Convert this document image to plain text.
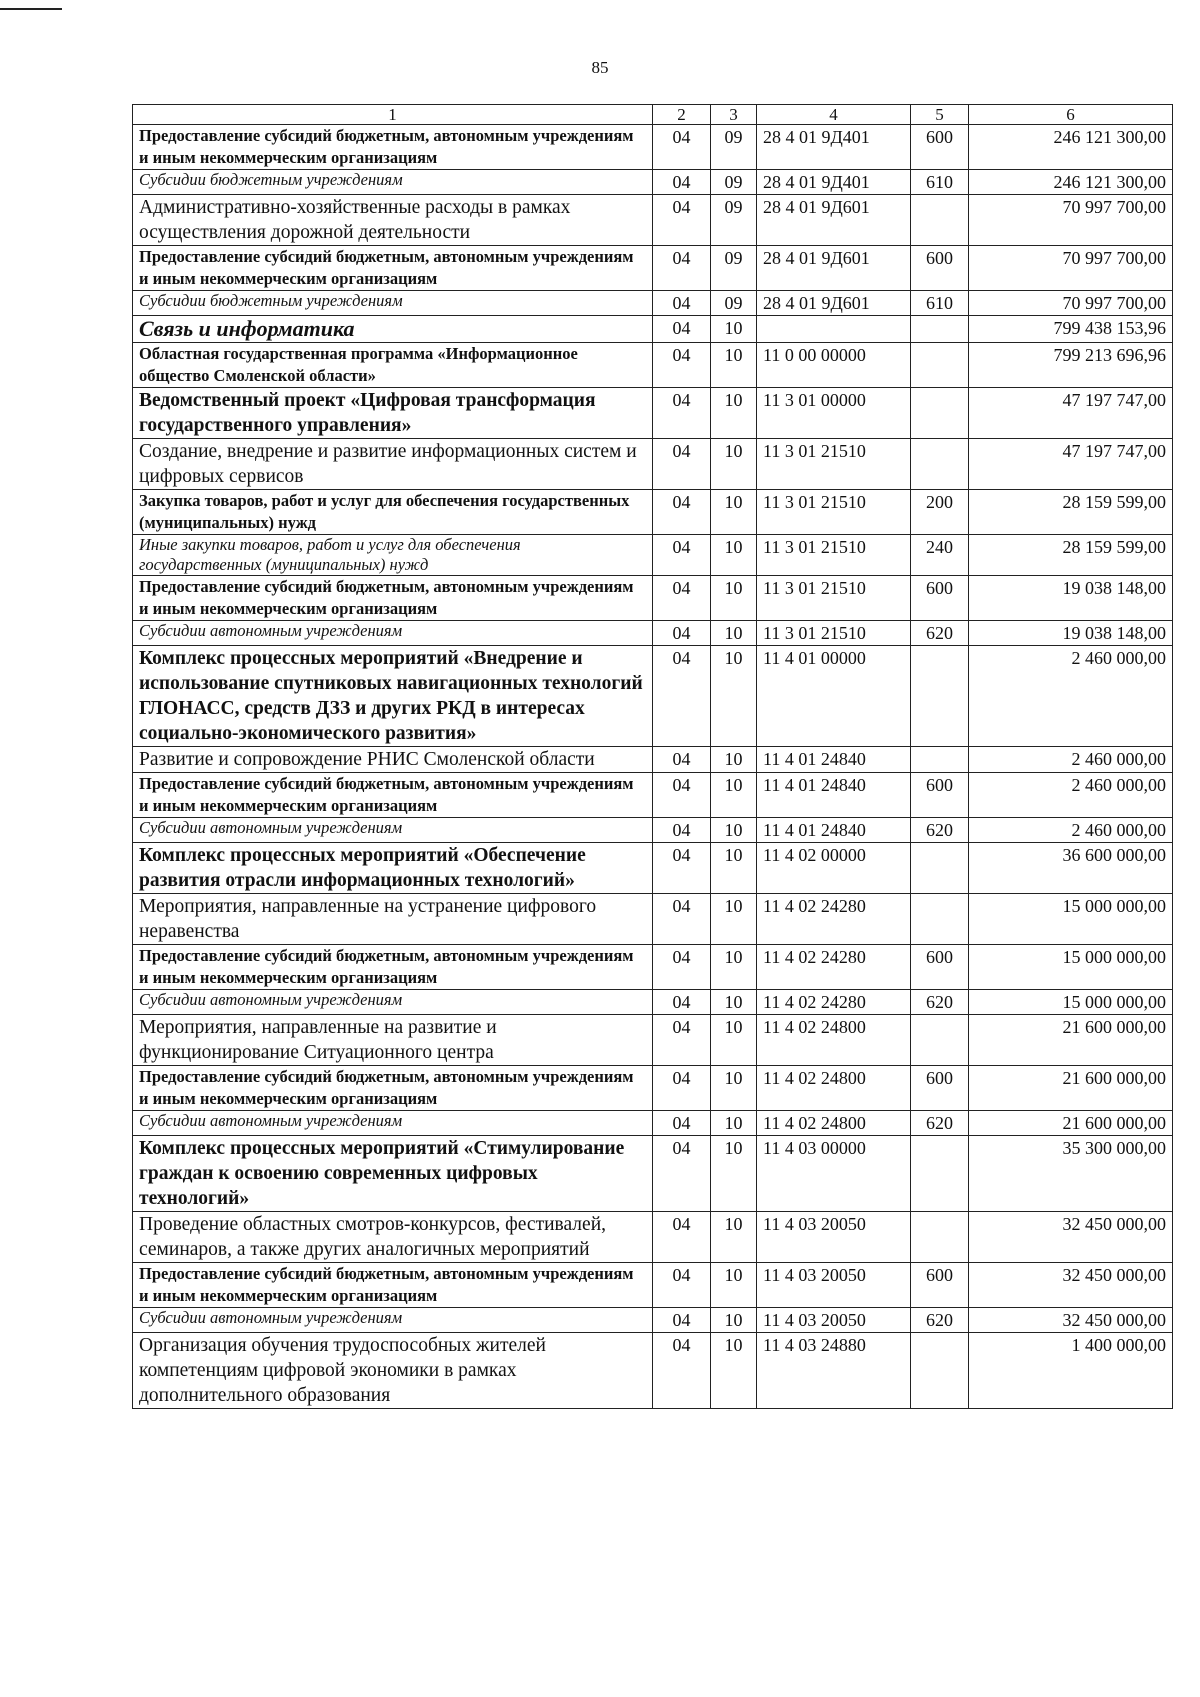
85
1	2	3	4	5	6
Предоставление субсидий бюджетным, автономным учреждениям и иным некоммерческим организациям	04	09	28 4 01 9Д401	600	246 121 300,00
Субсидии бюджетным учреждениям	04	09	28 4 01 9Д401	610	246 121 300,00
Административно-хозяйственные расходы в рамках осуществления дорожной деятельности	04	09	28 4 01 9Д601		70 997 700,00
Предоставление субсидий бюджетным, автономным учреждениям и иным некоммерческим организациям	04	09	28 4 01 9Д601	600	70 997 700,00
Субсидии бюджетным учреждениям	04	09	28 4 01 9Д601	610	70 997 700,00
Связь и информатика	04	10			799 438 153,96
Областная государственная программа «Информационное общество Смоленской области»	04	10	11 0 00 00000		799 213 696,96
Ведомственный проект «Цифровая трансформация государственного управления»	04	10	11 3 01 00000		47 197 747,00
Создание, внедрение и развитие информационных систем и цифровых сервисов	04	10	11 3 01 21510		47 197 747,00
Закупка товаров, работ и услуг для обеспечения государственных (муниципальных) нужд	04	10	11 3 01 21510	200	28 159 599,00
Иные закупки товаров, работ и услуг для обеспечения государственных (муниципальных) нужд	04	10	11 3 01 21510	240	28 159 599,00
Предоставление субсидий бюджетным, автономным учреждениям и иным некоммерческим организациям	04	10	11 3 01 21510	600	19 038 148,00
Субсидии автономным учреждениям	04	10	11 3 01 21510	620	19 038 148,00
Комплекс процессных мероприятий «Внедрение и использование спутниковых навигационных технологий ГЛОНАСС, средств ДЗЗ и других РКД в интересах социально-экономического развития»	04	10	11 4 01 00000		2 460 000,00
Развитие и сопровождение РНИС Смоленской области	04	10	11 4 01 24840		2 460 000,00
Предоставление субсидий бюджетным, автономным учреждениям и иным некоммерческим организациям	04	10	11 4 01 24840	600	2 460 000,00
Субсидии автономным учреждениям	04	10	11 4 01 24840	620	2 460 000,00
Комплекс процессных мероприятий «Обеспечение развития отрасли информационных технологий»	04	10	11 4 02 00000		36 600 000,00
Мероприятия, направленные на устранение цифрового неравенства	04	10	11 4 02 24280		15 000 000,00
Предоставление субсидий бюджетным, автономным учреждениям и иным некоммерческим организациям	04	10	11 4 02 24280	600	15 000 000,00
Субсидии автономным учреждениям	04	10	11 4 02 24280	620	15 000 000,00
Мероприятия, направленные на развитие и функционирование Ситуационного центра	04	10	11 4 02 24800		21 600 000,00
Предоставление субсидий бюджетным, автономным учреждениям и иным некоммерческим организациям	04	10	11 4 02 24800	600	21 600 000,00
Субсидии автономным учреждениям	04	10	11 4 02 24800	620	21 600 000,00
Комплекс процессных мероприятий «Стимулирование граждан к освоению современных цифровых технологий»	04	10	11 4 03 00000		35 300 000,00
Проведение областных смотров-конкурсов, фестивалей, семинаров, а также других аналогичных мероприятий	04	10	11 4 03 20050		32 450 000,00
Предоставление субсидий бюджетным, автономным учреждениям и иным некоммерческим организациям	04	10	11 4 03 20050	600	32 450 000,00
Субсидии автономным учреждениям	04	10	11 4 03 20050	620	32 450 000,00
Организация обучения трудоспособных жителей компетенциям цифровой экономики в рамках дополнительного образования	04	10	11 4 03 24880		1 400 000,00
